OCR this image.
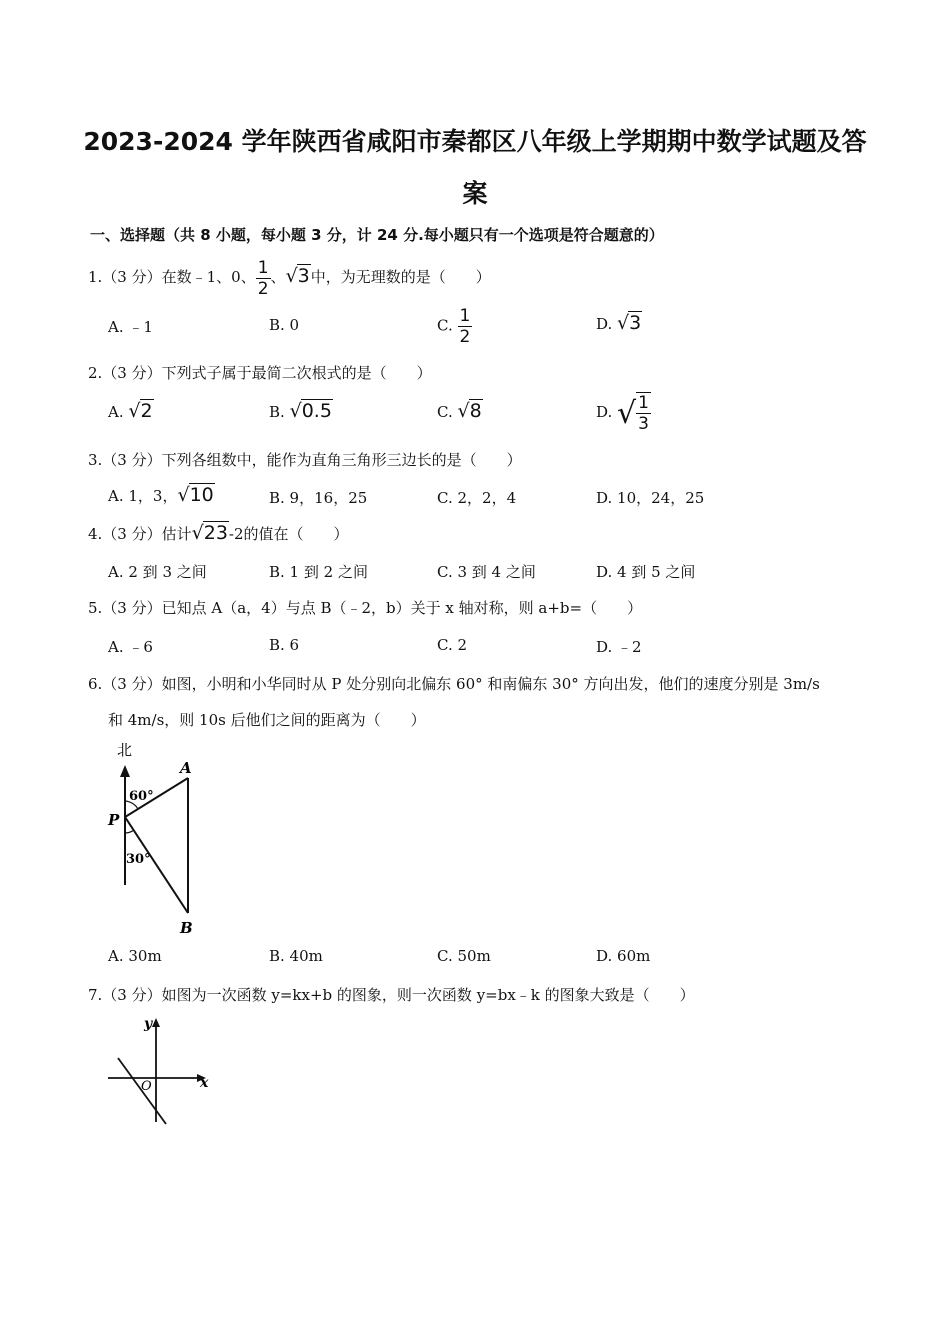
2023-2024 学年陕西省咸阳市秦都区八年级上学期期中数学试题及答
案
一、选择题（共 8 小题，每小题 3 分，计 24 分.每小题只有一个选项是符合题意的）
1.（3 分）在数﹣1、0、 $\frac{1}{2}$ 、√3中，为无理数的是（　　）
A. ﹣1	B. 0	C. $\frac{1}{2}$	D. √3
2.（3 分）下列式子属于最简二次根式的是（　　）
A. √2	B. √0.5	C. √8	D. √ $\frac{1}{3}$
3.（3 分）下列各组数中，能作为直角三角形三边长的是（　　）
A. 1，3，√10	B. 9，16，25	C. 2，2，4	D. 10，24，25
4.（3 分）估计√23-2的值在（　　）
A. 2 到 3 之间	B. 1 到 2 之间	C. 3 到 4 之间	D. 4 到 5 之间
5.（3 分）已知点 A（a，4）与点 B（﹣2，b）关于 x 轴对称，则 a+b=（　　）
A. ﹣6	B. 6	C. 2	D. ﹣2
6.（3 分）如图，小明和小华同时从 P 处分别向北偏东 60° 和南偏东 30° 方向出发，他们的速度分别是 3m/s
和 4m/s，则 10s 后他们之间的距离为（　　）
北
60°
30°
A
P
B
A. 30m	B. 40m	C. 50m	D. 60m
7.（3 分）如图为一次函数 y=kx+b 的图象，则一次函数 y=bx﹣k 的图象大致是（　　）
y
x
O
